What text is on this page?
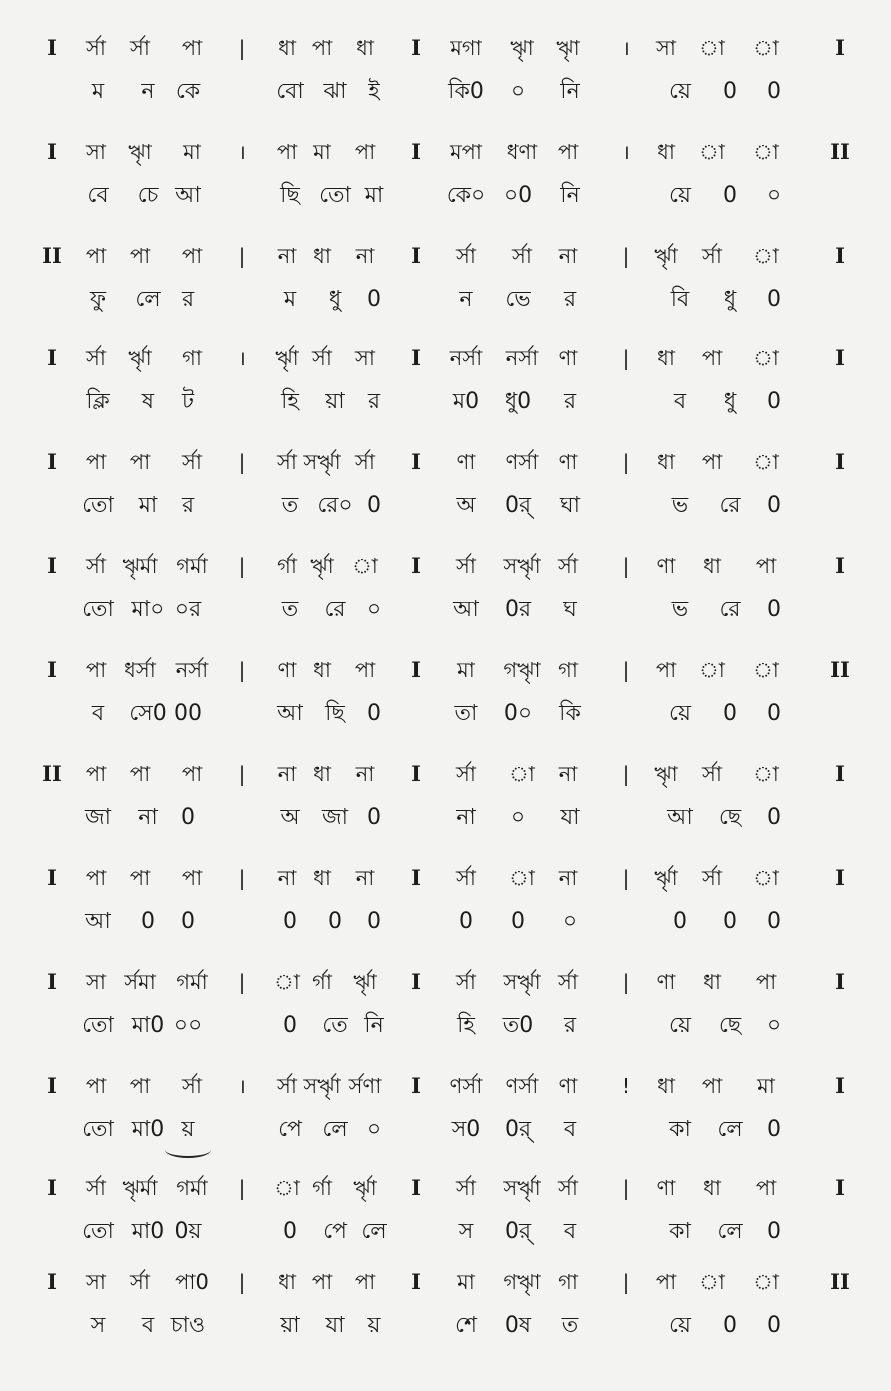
I র্সা র্সা পা | ধা পা ধা I মগা ৠা ৠা । সা া া	I
ম ন কে	বো ঝা ই	কি0 ০ নি	য়ে 0 0
I সা ৠা মা । পা মা পা I মপা ধণা পা । ধা া া II
বে চে আ	ছি তো মা	কে০ ০0 নি	য়ে 0 ০
II পা পা পা | না ধা না I র্সা র্সা না | র্ৠা র্সা া	I
ফু লে র	ম ধু 0	ন ভে র	বি ধু 0
I র্সা র্ৠা গা । র্ৠা র্সা সা I নর্সা নর্সা ণা | ধা পা া	I
ক্লি ষ ট	হি য়া র	ম0 ধু0 র	ব ধু 0
I পা পা র্সা | র্সা সর্ৠা র্সা I ণা ণর্সা ণা | ধা পা া	I
তো মা র	ত রে০ 0	অ 0র্ ঘা	ভ রে 0
I র্সা ৠর্মা গর্মা | র্গা র্ৠা া I র্সা সর্ৠা র্সা | ণা ধা পা	I
তো মা০ ০র	ত রে ০	আ 0র ঘ	ভ রে 0
I পা ধর্সা নর্সা | ণা ধা পা I মা গৠা গা | পা া া II
ব সে0 00	আ ছি 0	তা 0০ কি	য়ে 0 0
II পা পা পা | না ধা না I র্সা া না | ৠা র্সা া	I
জা না 0	অ জা 0	না ০ যা	আ ছে 0
I পা পা পা | না ধা না I র্সা া না | র্ৠা র্সা া	I
আ 0 0	0 0 0	0 0 ০	0 0 0
I সা র্সমা গর্মা | া র্গা র্ৠা I র্সা সর্ৠা র্সা | ণা ধা পা	I
তো মা0 ০০	0 তে নি	হি ত0 র	য়ে ছে ০
I পা পা র্সা । র্সা সর্ৠা র্সণা I ণর্সা ণর্সা ণা ! ধা পা মা	I
তো মা0 য়	পে লে ০	স0 0র্ ব	কা লে 0
I র্সা ৠর্মা গর্মা | া র্গা র্ৠা I র্সা সর্ৠা র্সা | ণা ধা পা	I
তো মা0 0য়	0 পে লে	স 0র্ ব	কা লে 0
I সা র্সা পা0 | ধা পা পা I মা গৠা গা | পা া া II
স ব চাও	য়া যা য়	শে 0ষ ত	য়ে 0 0
